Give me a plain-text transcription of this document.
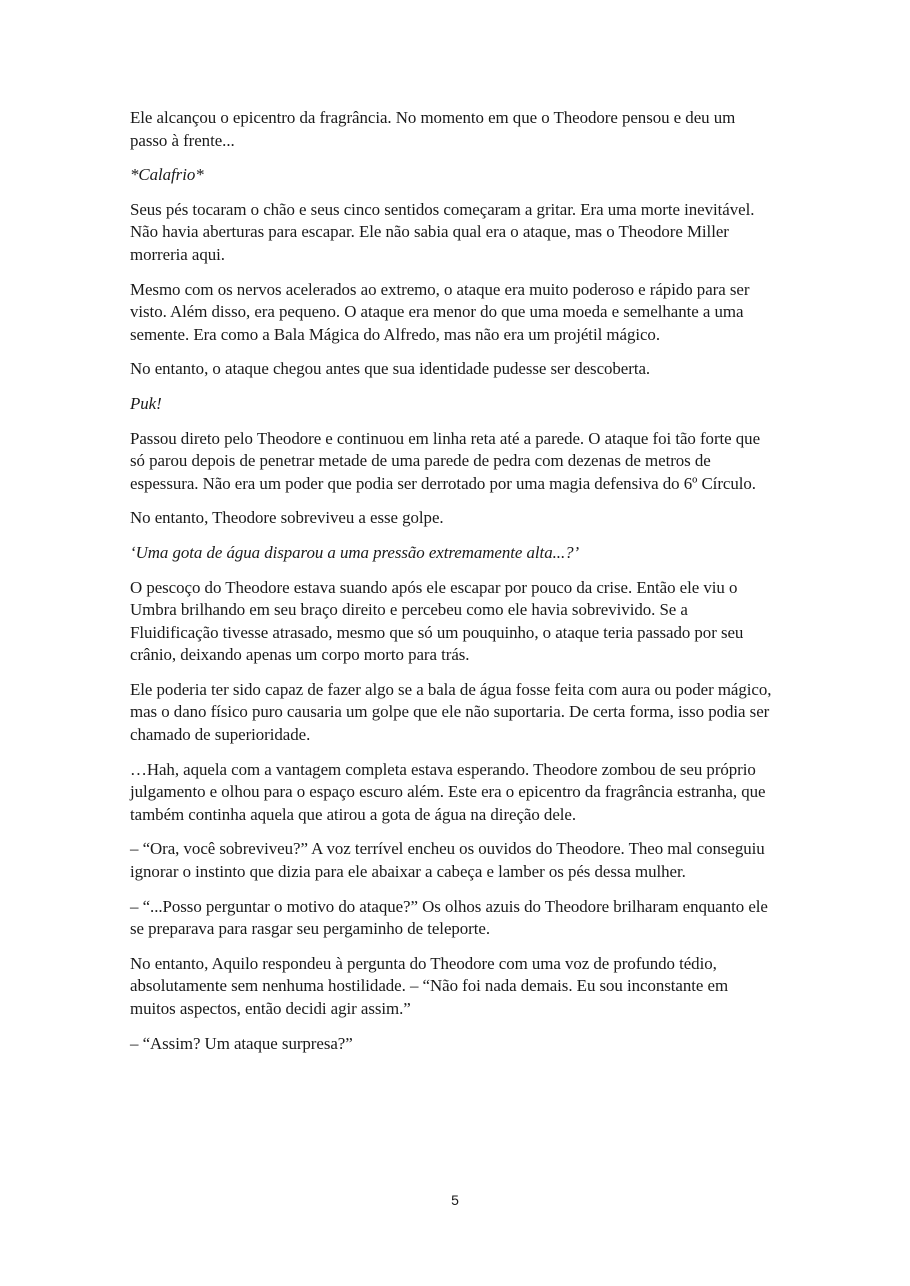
Ele alcançou o epicentro da fragrância. No momento em que o Theodore pensou e deu um passo à frente...

*Calafrio*

Seus pés tocaram o chão e seus cinco sentidos começaram a gritar. Era uma morte inevitável. Não havia aberturas para escapar. Ele não sabia qual era o ataque, mas o Theodore Miller morreria aqui.

Mesmo com os nervos acelerados ao extremo, o ataque era muito poderoso e rápido para ser visto. Além disso, era pequeno. O ataque era menor do que uma moeda e semelhante a uma semente. Era como a Bala Mágica do Alfredo, mas não era um projétil mágico.

No entanto, o ataque chegou antes que sua identidade pudesse ser descoberta.

Puk!

Passou direto pelo Theodore e continuou em linha reta até a parede. O ataque foi tão forte que só parou depois de penetrar metade de uma parede de pedra com dezenas de metros de espessura. Não era um poder que podia ser derrotado por uma magia defensiva do 6º Círculo.

No entanto, Theodore sobreviveu a esse golpe.

‘Uma gota de água disparou a uma pressão extremamente alta...?’

O pescoço do Theodore estava suando após ele escapar por pouco da crise. Então ele viu o Umbra brilhando em seu braço direito e percebeu como ele havia sobrevivido. Se a Fluidificação tivesse atrasado, mesmo que só um pouquinho, o ataque teria passado por seu crânio, deixando apenas um corpo morto para trás.

Ele poderia ter sido capaz de fazer algo se a bala de água fosse feita com aura ou poder mágico, mas o dano físico puro causaria um golpe que ele não suportaria. De certa forma, isso podia ser chamado de superioridade.

…Hah, aquela com a vantagem completa estava esperando. Theodore zombou de seu próprio julgamento e olhou para o espaço escuro além. Este era o epicentro da fragrância estranha, que também continha aquela que atirou a gota de água na direção dele.

– “Ora, você sobreviveu?” A voz terrível encheu os ouvidos do Theodore. Theo mal conseguiu ignorar o instinto que dizia para ele abaixar a cabeça e lamber os pés dessa mulher.

– “...Posso perguntar o motivo do ataque?” Os olhos azuis do Theodore brilharam enquanto ele se preparava para rasgar seu pergaminho de teleporte.

No entanto, Aquilo respondeu à pergunta do Theodore com uma voz de profundo tédio, absolutamente sem nenhuma hostilidade. – “Não foi nada demais. Eu sou inconstante em muitos aspectos, então decidi agir assim.”

– “Assim? Um ataque surpresa?”

5
